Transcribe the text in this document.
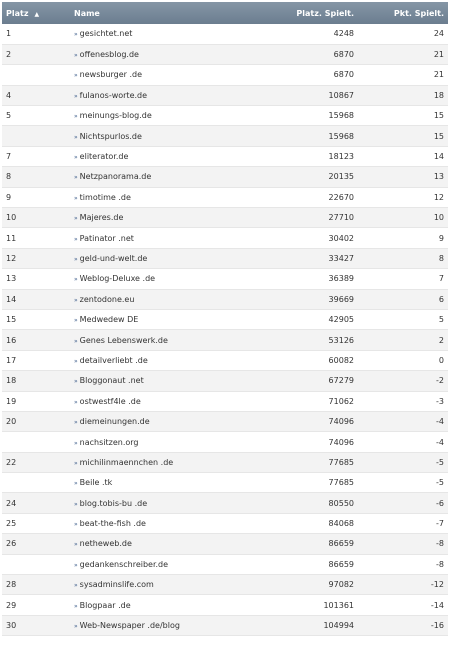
Platz ▲︎	Name	Platz. Spielt.	Pkt. Spielt.
1	» gesichtet.net	4248	24
2	» offenesblog.de	6870	21
	» newsburger .de	6870	21
4	» fulanos-worte.de	10867	18
5	» meinungs-blog.de	15968	15
	» Nichtspurlos.de	15968	15
7	» eliterator.de	18123	14
8	» Netzpanorama.de	20135	13
9	» timotime .de	22670	12
10	» Majeres.de	27710	10
11	» Patinator .net	30402	9
12	» geld-und-welt.de	33427	8
13	» Weblog-Deluxe .de	36389	7
14	» zentodone.eu	39669	6
15	» Medwedew DE	42905	5
16	» Genes Lebenswerk.de	53126	2
17	» detailverliebt .de	60082	0
18	» Bloggonaut .net	67279	-2
19	» ostwestf4le .de	71062	-3
20	» diemeinungen.de	74096	-4
	» nachsitzen.org	74096	-4
22	» michilinmaennchen .de	77685	-5
	» Beile .tk	77685	-5
24	» blog.tobis-bu .de	80550	-6
25	» beat-the-fish .de	84068	-7
26	» netheweb.de	86659	-8
	» gedankenschreiber.de	86659	-8
28	» sysadminslife.com	97082	-12
29	» Blogpaar .de	101361	-14
30	» Web-Newspaper .de/blog	104994	-16
